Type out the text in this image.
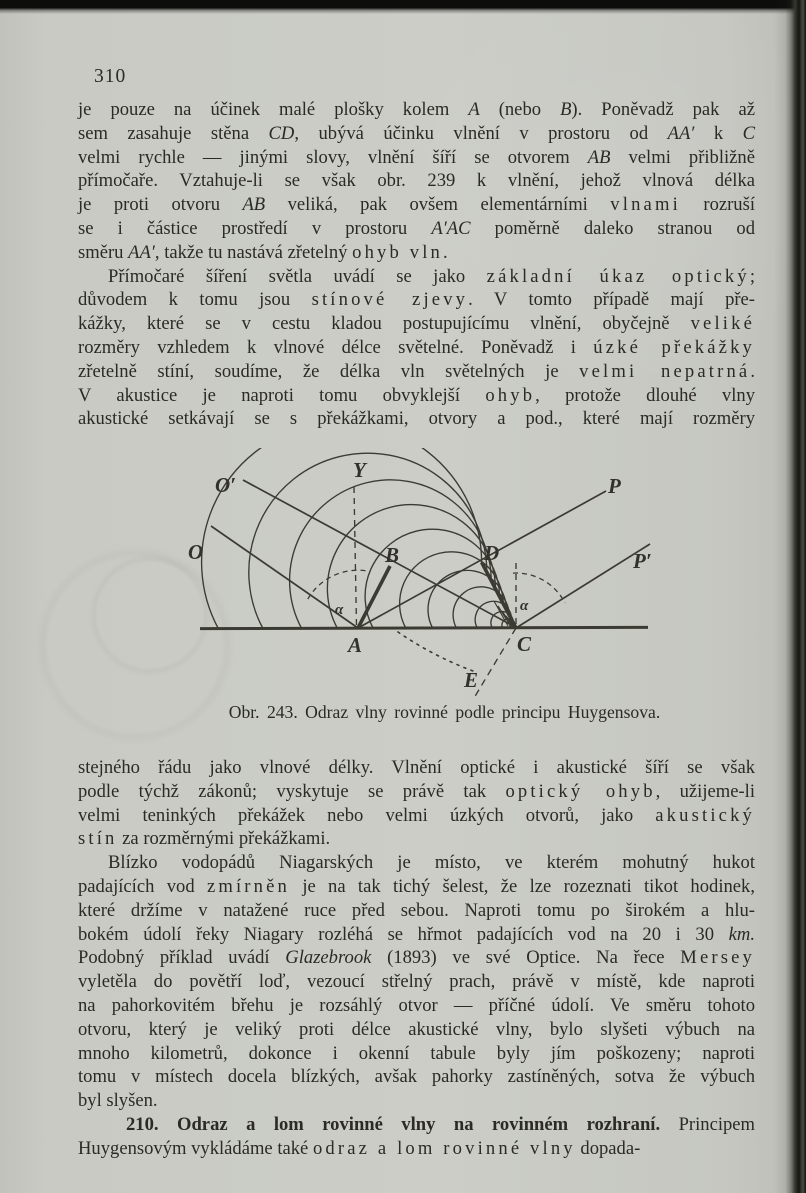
310
je pouze na účinek malé plošky kolem A (nebo B). Poněvadž pak až
sem zasahuje stěna CD, ubývá účinku vlnění v prostoru od AA′ k C
velmi rychle — jinými slovy, vlnění šíří se otvorem AB velmi přibližně
přímočaře. Vztahuje-li se však obr. 239 k vlnění, jehož vlnová délka
je proti otvoru AB veliká, pak ovšem elementárními vlnami rozruší
se i částice prostředí v prostoru A′AC poměrně daleko stranou od
směru AA′, takže tu nastává zřetelný ohyb vln.
Přímočaré šíření světla uvádí se jako základní úkaz optický;
důvodem k tomu jsou stínové zjevy. V tomto případě mají pře-
kážky, které se v cestu kladou postupujícímu vlnění, obyčejně veliké
rozměry vzhledem k vlnové délce světelné. Poněvadž i úzké překážky
zřetelně stíní, soudíme, že délka vln světelných je velmi nepatrná.
V akustice je naproti tomu obvyklejší ohyb, protože dlouhé vlny
akustické setkávají se s překážkami, otvory a pod., které mají rozměry
O′
O
Y
P
P′
B	D
A	C
E
α	α
Obr. 243. Odraz vlny rovinné podle principu Huygensova.
stejného řádu jako vlnové délky. Vlnění optické i akustické šíří se však
podle týchž zákonů; vyskytuje se právě tak optický ohyb, užijeme-li
velmi teninkých překážek nebo velmi úzkých otvorů, jako akustický
stín za rozměrnými překážkami.
Blízko vodopádů Niagarských je místo, ve kterém mohutný hukot
padajících vod zmírněn je na tak tichý šelest, že lze rozeznati tikot hodinek,
které držíme v natažené ruce před sebou. Naproti tomu po širokém a hlu-
bokém údolí řeky Niagary rozléhá se hřmot padajících vod na 20 i 30 km.
Podobný příklad uvádí Glazebrook (1893) ve své Optice. Na řece Mersey
vyletěla do povětří loď, vezoucí střelný prach, právě v místě, kde naproti
na pahorkovitém břehu je rozsáhlý otvor — příčné údolí. Ve směru tohoto
otvoru, který je veliký proti délce akustické vlny, bylo slyšeti výbuch na
mnoho kilometrů, dokonce i okenní tabule byly jím poškozeny; naproti
tomu v místech docela blízkých, avšak pahorky zastíněných, sotva že výbuch
byl slyšen.
210. Odraz a lom rovinné vlny na rovinném rozhraní. Principem
Huygensovým vykládáme také odraz a lom rovinné vlny dopada-
